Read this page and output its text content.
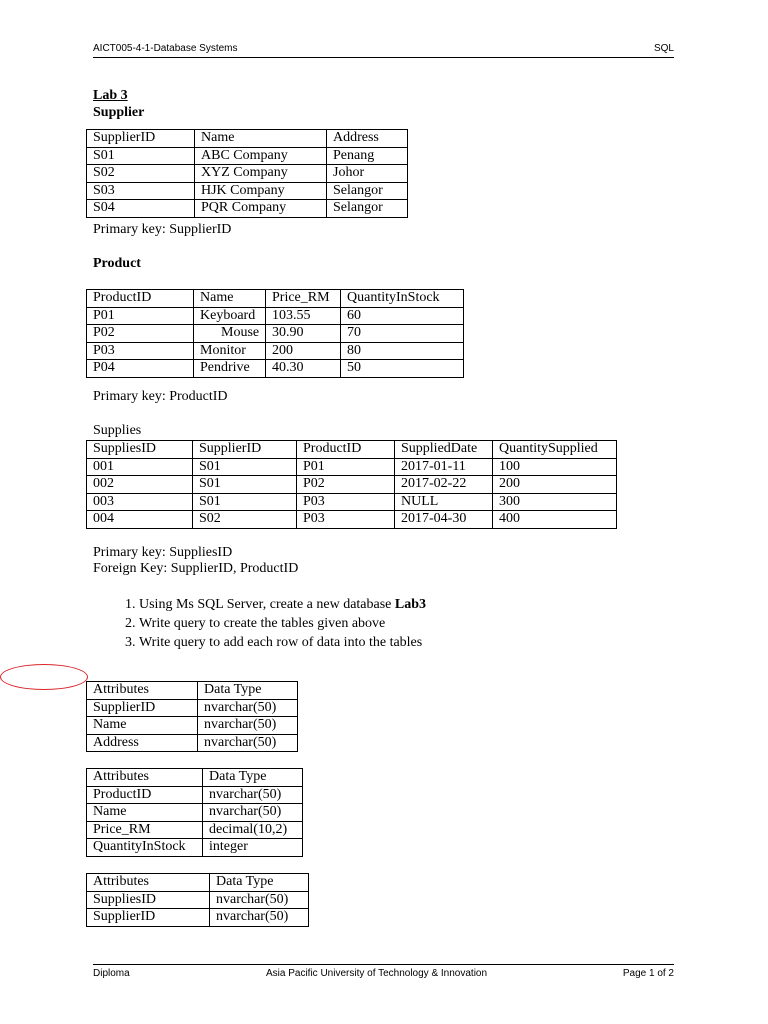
AICT005-4-1-Database Systems	SQL
Lab 3
Supplier
SupplierID	Name	Address
S01	ABC Company	Penang
S02	XYZ Company	Johor
S03	HJK Company	Selangor
S04	PQR Company	Selangor
Primary key: SupplierID
Product
ProductID	Name	Price_RM	QuantityInStock
P01	Keyboard	103.55	60
P02	Mouse	30.90	70
P03	Monitor	200	80
P04	Pendrive	40.30	50
Primary key: ProductID
Supplies
SuppliesID	SupplierID	ProductID	SuppliedDate	QuantitySupplied
001	S01	P01	2017-01-11	100
002	S01	P02	2017-02-22	200
003	S01	P03	NULL	300
004	S02	P03	2017-04-30	400
Primary key: SuppliesID
Foreign Key: SupplierID, ProductID
1. Using Ms SQL Server, create a new database Lab3
2. Write query to create the tables given above
3. Write query to add each row of data into the tables
Attributes	Data Type
SupplierID	nvarchar(50)
Name	nvarchar(50)
Address	nvarchar(50)
Attributes	Data Type
ProductID	nvarchar(50)
Name	nvarchar(50)
Price_RM	decimal(10,2)
QuantityInStock	integer
Attributes	Data Type
SuppliesID	nvarchar(50)
SupplierID	nvarchar(50)
Diploma	Asia Pacific University of Technology & Innovation	Page 1 of 2
